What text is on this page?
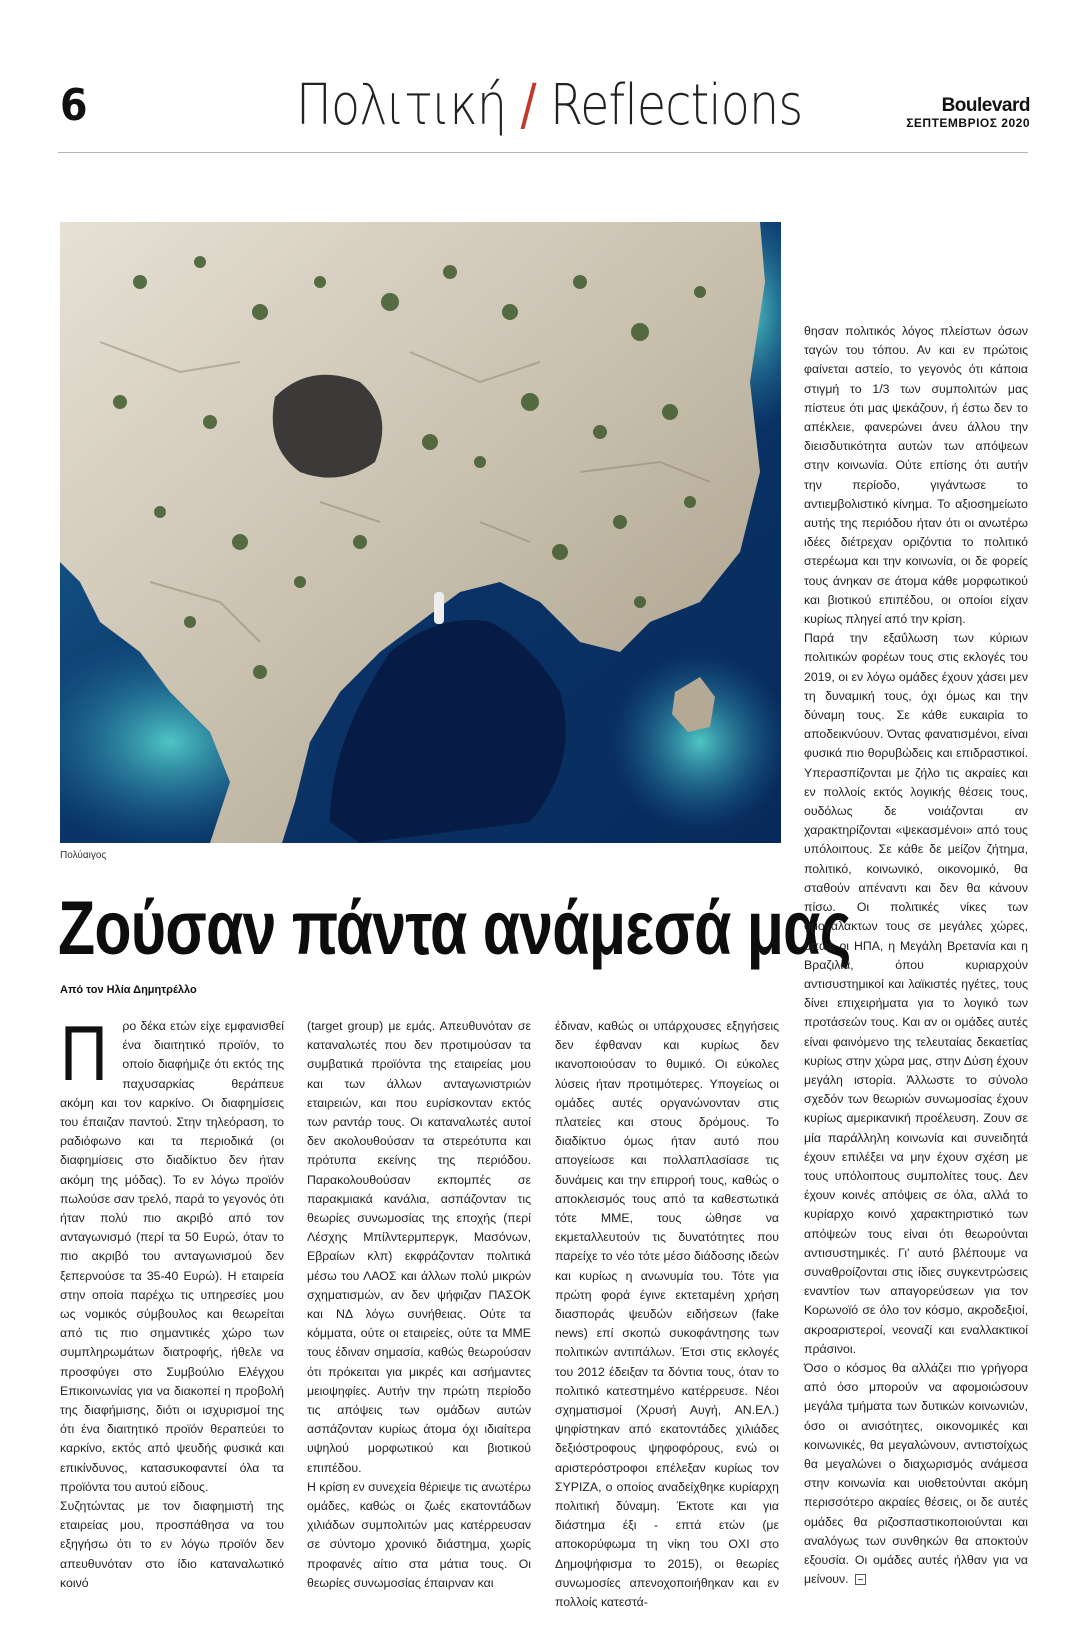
6	Πολιτική / Reflections	Boulevard
ΣΕΠΤΕΜΒΡΙΟΣ 2020
Πολύαιγος
Ζούσαν πάντα ανάμεσά μας
Από τον Ηλία Δημητρέλλο

Π ρο δέκα ετών είχε εμφανισθεί ένα διαιτητικό προϊόν, το οποίο διαφήμιζε ότι εκτός της παχυσαρκίας θεράπευε ακόμη και τον καρκίνο. Οι διαφημίσεις του έπαιζαν παντού. Στην τηλεόραση, το ραδιόφωνο και τα περιοδικά (οι διαφημίσεις στο διαδίκτυο δεν ήταν ακόμη της μόδας). Το εν λόγω προϊόν πωλούσε σαν τρελό, παρά το γεγονός ότι ήταν πολύ πιο ακριβό από τον ανταγωνισμό (περί τα 50 Ευρώ, όταν το πιο ακριβό του ανταγωνισμού δεν ξεπερνούσε τα 35-40 Ευρώ). Η εταιρεία στην οποία παρέχω τις υπηρεσίες μου ως νομικός σύμβουλος και θεωρείται από τις πιο σημαντικές χώρο των συμπληρωμάτων διατροφής, ήθελε να προσφύγει στο Συμβούλιο Ελέγχου Επικοινωνίας για να διακοπεί η προβολή της διαφήμισης, διότι οι ισχυρισμοί της ότι ένα διαιτητικό προϊόν θεραπεύει το καρκίνο, εκτός από ψευδής φυσικά και επικίνδυνος, κατασυκοφαντεί όλα τα προϊόντα του αυτού είδους.

Συζητώντας με τον διαφημιστή της εταιρείας μου, προσπάθησα να του εξηγήσω ότι το εν λόγω προϊόν δεν απευθυνόταν στο ίδιο καταναλωτικό κοινό

(target group) με εμάς. Απευθυνόταν σε καταναλωτές που δεν προτιμούσαν τα συμβατικά προϊόντα της εταιρείας μου και των άλλων ανταγωνιστριών εταιρειών, και που ευρίσκονταν εκτός των ραντάρ τους. Οι καταναλωτές αυτοί δεν ακολουθούσαν τα στερεότυπα και πρότυπα εκείνης της περιόδου. Παρακολουθούσαν εκπομπές σε παρακμιακά κανάλια, ασπάζονταν τις θεωρίες συνωμοσίας της εποχής (περί Λέσχης Μπίλντερμπεργκ, Μασόνων, Εβραίων κλπ) εκφράζονταν πολιτικά μέσω του ΛΑΟΣ και άλλων πολύ μικρών σχηματισμών, αν δεν ψήφιζαν ΠΑΣΟΚ και ΝΔ λόγω συνήθειας. Ούτε τα κόμματα, ούτε οι εταιρείες, ούτε τα ΜΜΕ τους έδιναν σημασία, καθώς θεωρούσαν ότι πρόκειται για μικρές και ασήμαντες μειοψηφίες. Αυτήν την πρώτη περίοδο τις απόψεις των ομάδων αυτών ασπάζονταν κυρίως άτομα όχι ιδιαίτερα υψηλού μορφωτικού και βιοτικού επιπέδου.

Η κρίση εν συνεχεία θέριεψε τις ανωτέρω ομάδες, καθώς οι ζωές εκατοντάδων χιλιάδων συμπολιτών μας κατέρρευσαν σε σύντομο χρονικό διάστημα, χωρίς προφανές αίτιο στα μάτια τους. Οι θεωρίες συνωμοσίας έπαιρναν και

έδιναν, καθώς οι υπάρχουσες εξηγήσεις δεν έφθαναν και κυρίως δεν ικανοποιούσαν το θυμικό. Οι εύκολες λύσεις ήταν προτιμότερες. Υπογείως οι ομάδες αυτές οργανώνονταν στις πλατείες και στους δρόμους. Το διαδίκτυο όμως ήταν αυτό που απογείωσε και πολλαπλασίασε τις δυνάμεις και την επιρροή τους, καθώς ο αποκλεισμός τους από τα καθεστωτικά τότε ΜΜΕ, τους ώθησε να εκμεταλλευτούν τις δυνατότητες που παρείχε το νέο τότε μέσο διάδοσης ιδεών και κυρίως η ανωνυμία του. Τότε για πρώτη φορά έγινε εκτεταμένη χρήση διασποράς ψευδών ειδήσεων (fake news) επί σκοπώ συκοφάντησης των πολιτικών αντιπάλων. Έτσι στις εκλογές του 2012 έδειξαν τα δόντια τους, όταν το πολιτικό κατεστημένο κατέρρευσε. Νέοι σχηματισμοί (Χρυσή Αυγή, ΑΝ.ΕΛ.) ψηφίστηκαν από εκατοντάδες χιλιάδες δεξιόστροφους ψηφοφόρους, ενώ οι αριστερόστροφοι επέλεξαν κυρίως τον ΣΥΡΙΖΑ, ο οποίος αναδείχθηκε κυρίαρχη πολιτική δύναμη. Έκτοτε και για διάστημα έξι - επτά ετών (με αποκορύφωμα τη νίκη του ΟΧΙ στο Δημοψήφισμα το 2015), οι θεωρίες συνωμοσίες απενοχοποιήθηκαν και εν πολλοίς κατεστά-

θησαν πολιτικός λόγος πλείστων όσων ταγών του τόπου. Αν και εν πρώτοις φαίνεται αστείο, το γεγονός ότι κάποια στιγμή το 1/3 των συμπολιτών μας πίστευε ότι μας ψεκάζουν, ή έστω δεν το απέκλειε, φανερώνει άνευ άλλου την διεισδυτικότητα αυτών των απόψεων στην κοινωνία. Ούτε επίσης ότι αυτήν την περίοδο, γιγάντωσε το αντιεμβολιστικό κίνημα. Το αξιοσημείωτο αυτής της περιόδου ήταν ότι οι ανωτέρω ιδέες διέτρεχαν οριζόντια το πολιτικό στερέωμα και την κοινωνία, οι δε φορείς τους άνηκαν σε άτομα κάθε μορφωτικού και βιοτικού επιπέδου, οι οποίοι είχαν κυρίως πληγεί από την κρίση.

Παρά την εξαΰλωση των κύριων πολιτικών φορέων τους στις εκλογές του 2019, οι εν λόγω ομάδες έχουν χάσει μεν τη δυναμική τους, όχι όμως και την δύναμη τους. Σε κάθε ευκαιρία το αποδεικνύουν. Όντας φανατισμένοι, είναι φυσικά πιο θορυβώδεις και επιδραστικοί. Υπερασπίζονται με ζήλο τις ακραίες και εν πολλοίς εκτός λογικής θέσεις τους, ουδόλως δε νοιάζονται αν χαρακτηρίζονται «ψεκασμένοι» από τους υπόλοιπους. Σε κάθε δε μείζον ζήτημα, πολιτικό, κοινωνικό, οικονομικό, θα σταθούν απέναντι και δεν θα κάνουν πίσω. Οι πολιτικές νίκες των ομογάλακτων τους σε μεγάλες χώρες, όπως οι ΗΠΑ, η Μεγάλη Βρετανία και η Βραζιλία, όπου κυριαρχούν αντισυστημικοί και λαϊκιστές ηγέτες, τους δίνει επιχειρήματα για το λογικό των προτάσεών τους. Και αν οι ομάδες αυτές είναι φαινόμενο της τελευταίας δεκαετίας κυρίως στην χώρα μας, στην Δύση έχουν μεγάλη ιστορία. Άλλωστε το σύνολο σχεδόν των θεωριών συνωμοσίας έχουν κυρίως αμερικανική προέλευση. Ζουν σε μία παράλληλη κοινωνία και συνειδητά έχουν επιλέξει να μην έχουν σχέση με τους υπόλοιπους συμπολίτες τους. Δεν έχουν κοινές απόψεις σε όλα, αλλά το κυρίαρχο κοινό χαρακτηριστικό των απόψεών τους είναι ότι θεωρούνται αντισυστημικές. Γι' αυτό βλέπουμε να συναθροίζονται στις ίδιες συγκεντρώσεις εναντίον των απαγορεύσεων για τον Κορωνοϊό σε όλο τον κόσμο, ακροδεξιοί, ακροαριστεροί, νεοναζί και εναλλακτικοί πράσινοι.

Όσο ο κόσμος θα αλλάζει πιο γρήγορα από όσο μπορούν να αφομοιώσουν μεγάλα τμήματα των δυτικών κοινωνιών, όσο οι ανισότητες, οικονομικές και κοινωνικές, θα μεγαλώνουν, αντιστοίχως θα μεγαλώνει ο διαχωρισμός ανάμεσα στην κοινωνία και υιοθετούνται ακόμη περισσότερο ακραίες θέσεις, οι δε αυτές ομάδες θα ριζοσπαστικοποιούνται και αναλόγως των συνθηκών θα αποκτούν εξουσία. Οι ομάδες αυτές ήλθαν για να μείνουν.
